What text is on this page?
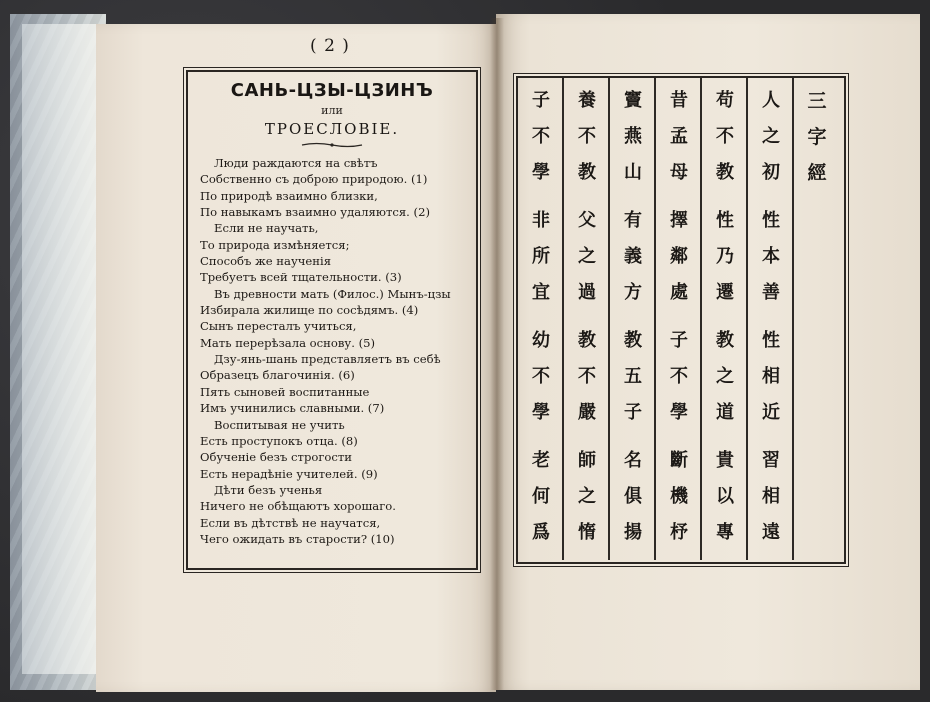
( 2 )
САНЬ-ЦЗЫ-ЦЗИНЪ
или
ТРОЕСЛОВІЕ.
Люди раждаются на свѣтъ
Собственно съ доброю природою. (1)
По природѣ взаимно близки,
По навыкамъ взаимно удаляются. (2)
Если не научать,
То природа измѣняется;
Способъ же наученія
Требуетъ всей тщательности. (3)
Въ древности мать (Филос.) Мынъ-цзы
Избирала жилище по сосѣдямъ. (4)
Сынъ пересталъ учиться,
Мать перерѣзала основу. (5)
Дзу-янь-шань представляетъ въ себѣ
Образецъ благочинія. (6)
Пять сыновей воспитанные
Имъ учинились славными. (7)
Воспитывая не учить
Есть проступокъ отца. (8)
Обученіе безъ строгости
Есть нерадѣніе учителей. (9)
Дѣти безъ ученья
Ничего не обѣщаютъ хорошаго.
Если въ дѣтствѣ не научатся,
Чего ожидать въ старости? (10)
三
字
經
人
之
初
性
本
善
性
相
近
習
相
遠
苟
不
教
性
乃
遷
教
之
道
貴
以
專
昔
孟
母
擇
鄰
處
子
不
學
斷
機
杼
竇
燕
山
有
義
方
教
五
子
名
俱
揚
養
不
教
父
之
過
教
不
嚴
師
之
惰
子
不
學
非
所
宜
幼
不
學
老
何
爲
